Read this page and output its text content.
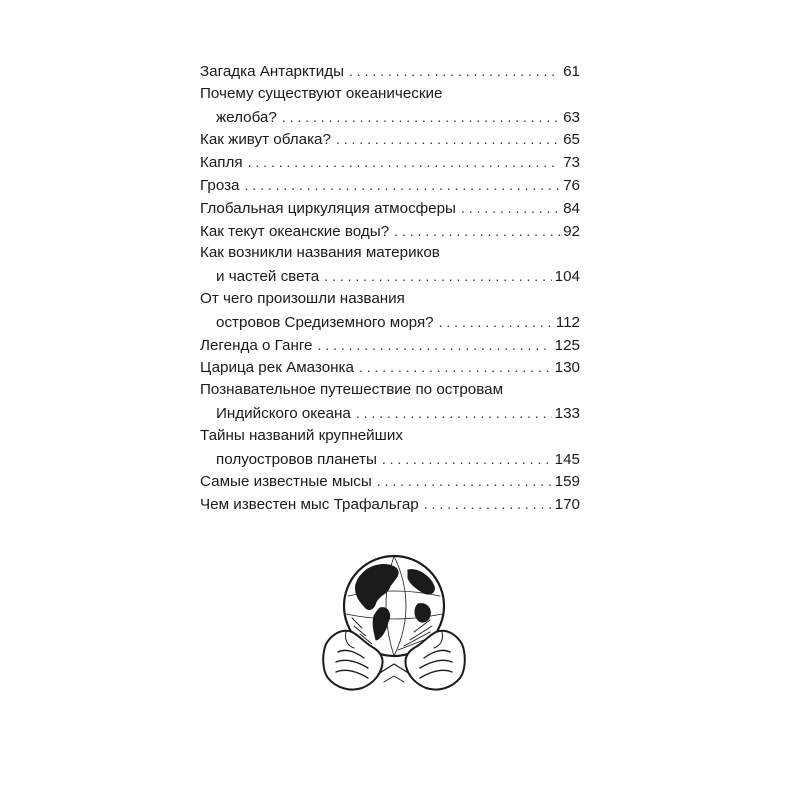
Загадка Антарктиды . . .	61
Почему существуют океанические
желоба? . . .	63
Как живут облака? . . .	65
Капля . . .	73
Гроза . . .	76
Глобальная циркуляция атмосферы . . .	84
Как текут океанские воды? . . .	92
Как возникли названия материков
и частей света . . .	104
От чего произошли названия
островов Средиземного моря? . . .	112
Легенда о Ганге . . .	125
Царица рек Амазонка . . .	130
Познавательное путешествие по островам
Индийского океана . . .	133
Тайны названий крупнейших
полуостровов планеты . . .	145
Самые известные мысы . . .	159
Чем известен мыс Трафальгар . . .	170
